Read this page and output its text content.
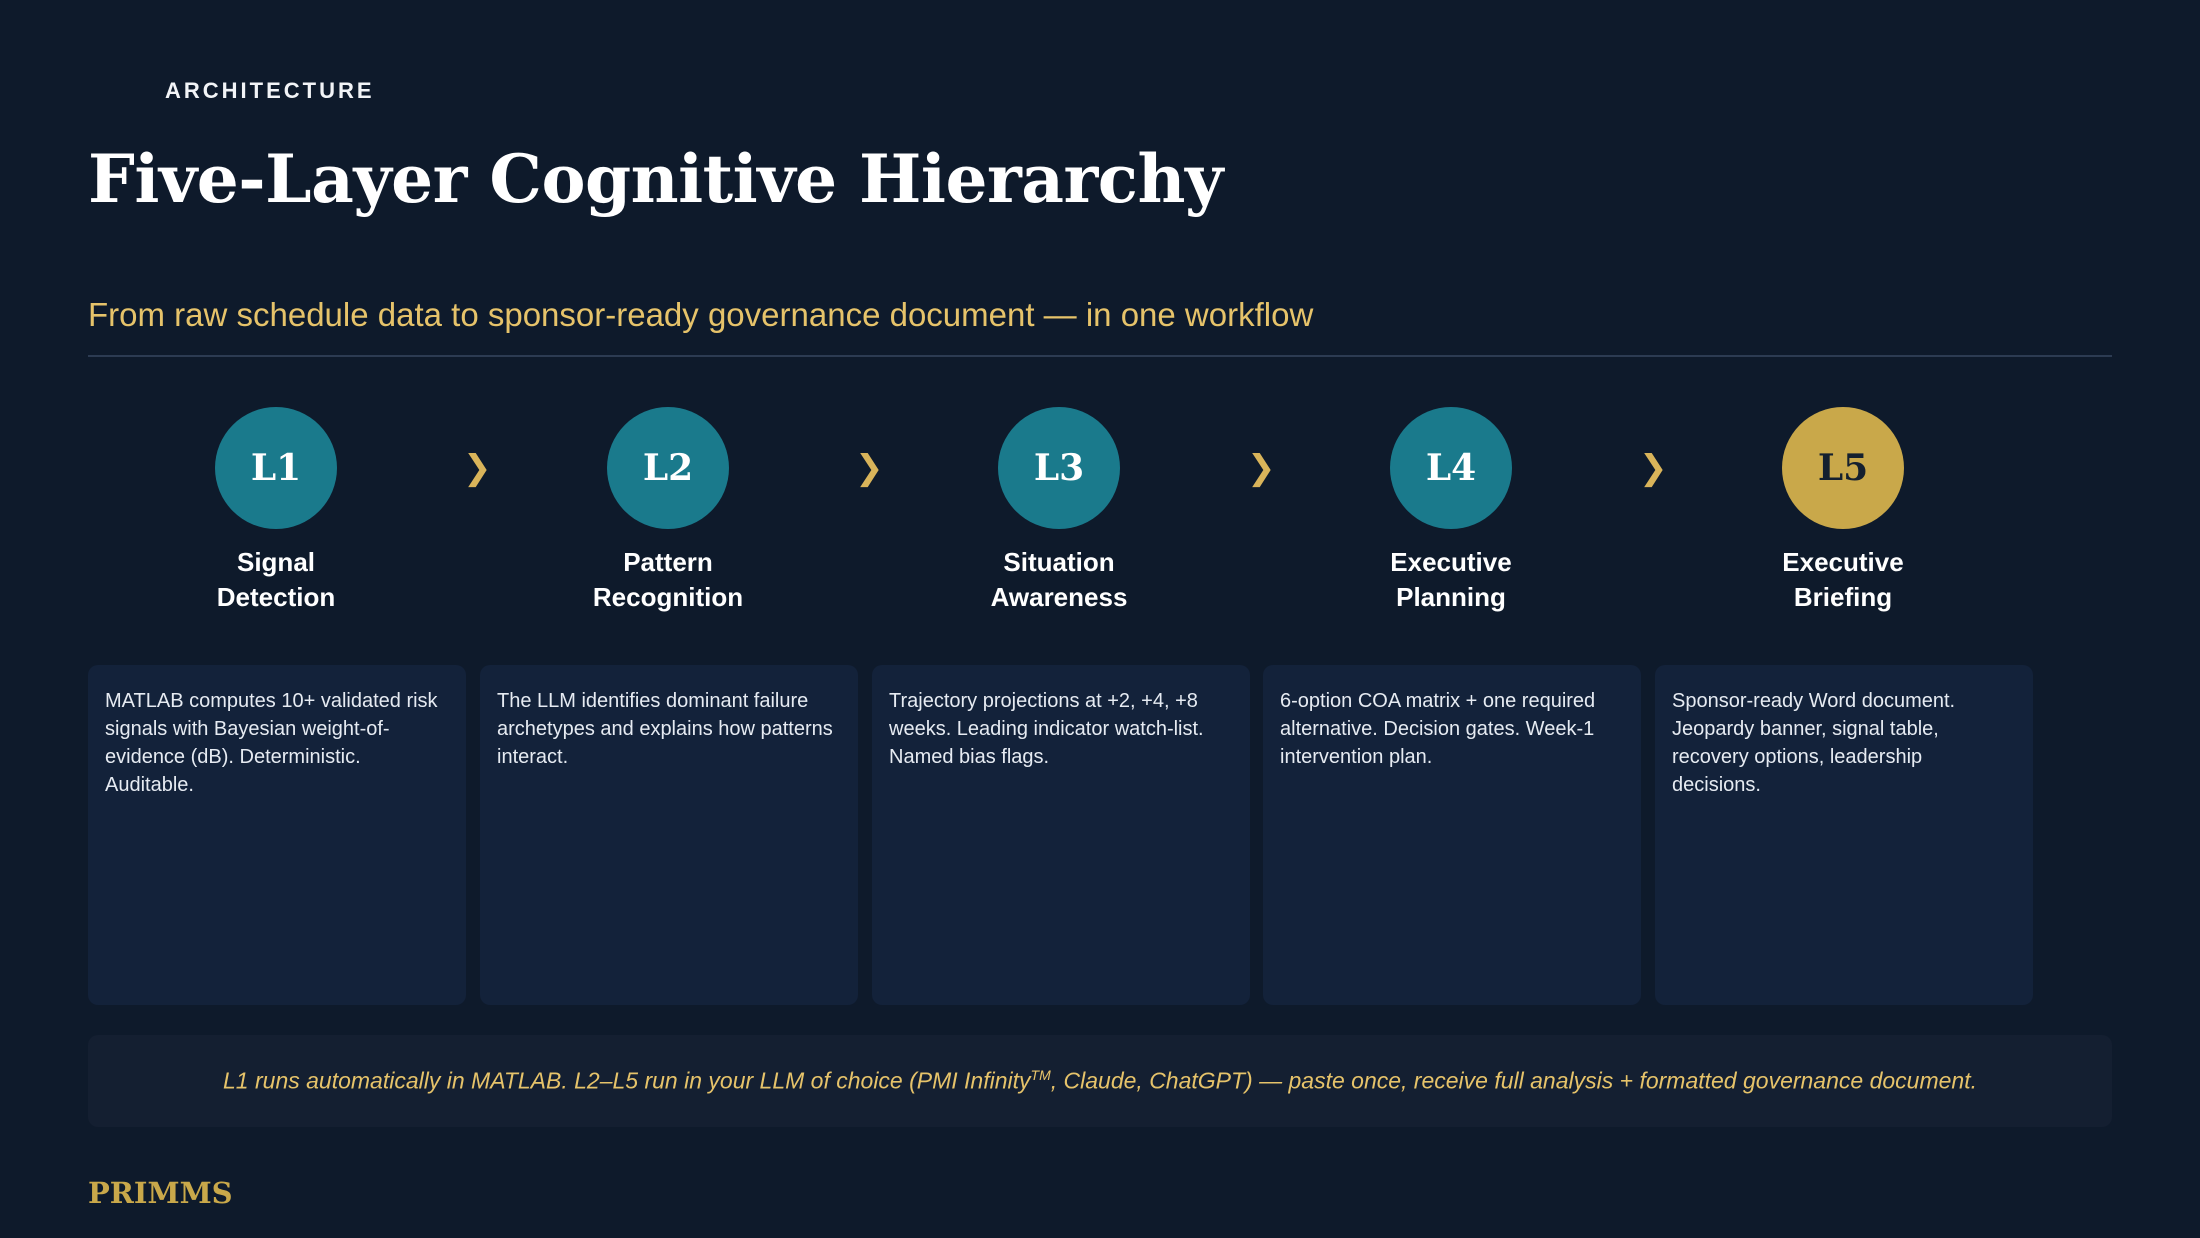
ARCHITECTURE
Five-Layer Cognitive Hierarchy
From raw schedule data to sponsor-ready governance document — in one workflow
L1
Signal
Detection
L2
Pattern
Recognition
L3
Situation
Awareness
L4
Executive
Planning
L5
Executive
Briefing
❯	❯	❯	❯
MATLAB computes 10+ validated risk signals with Bayesian weight-of-evidence (dB). Deterministic. Auditable.
The LLM identifies dominant failure archetypes and explains how patterns interact.
Trajectory projections at +2, +4, +8 weeks. Leading indicator watch-list. Named bias flags.
6-option COA matrix + one required alternative. Decision gates. Week-1 intervention plan.
Sponsor-ready Word document. Jeopardy banner, signal table, recovery options, leadership decisions.
L1 runs automatically in MATLAB. L2–L5 run in your LLM of choice (PMI Infinity™, Claude, ChatGPT) — paste once, receive full analysis + formatted governance document.
PRIMMS
